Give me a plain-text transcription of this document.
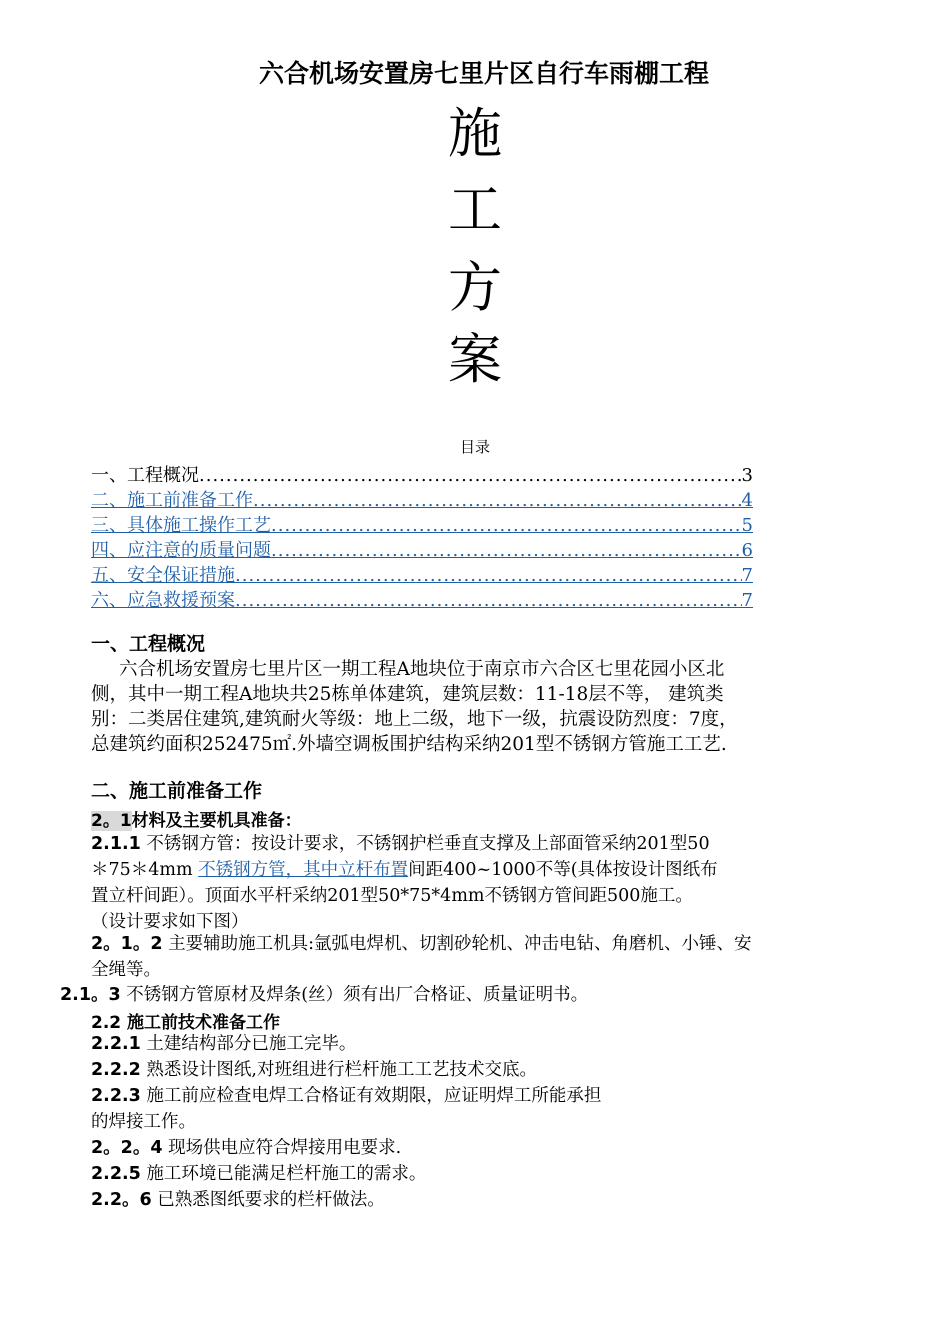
六合机场安置房七里片区自行车雨棚工程
施
工
方
案
目录
一、工程概况 .....	3
二、施工前准备工作 .....	4
三、具体施工操作工艺 .....	5
四、应注意的质量问题 .....	6
五、安全保证措施 .....	7
六、应急救援预案 .....	7
一、工程概况
六合机场安置房七里片区一期工程A地块位于南京市六合区七里花园小区北
侧，其中一期工程A地块共25栋单体建筑，建筑层数：11-18层不等， 建筑类
别：二类居住建筑,建筑耐火等级：地上二级，地下一级，抗震设防烈度：7度，
总建筑约面积252475㎡.外墙空调板围护结构采纳201型不锈钢方管施工工艺.
二、施工前准备工作
2。1材料及主要机具准备：
2.1.1 不锈钢方管：按设计要求，不锈钢护栏垂直支撑及上部面管采纳201型50
＊75＊4mm 不锈钢方管，其中立杆布置间距400~1000不等(具体按设计图纸布
置立杆间距）。顶面水平杆采纳201型50*75*4mm不锈钢方管间距500施工。
（设计要求如下图）
2。1。2 主要辅助施工机具:氩弧电焊机、切割砂轮机、冲击电钻、角磨机、小锤、安
全绳等。
2.1。3 不锈钢方管原材及焊条(丝）须有出厂合格证、质量证明书。
2.2 施工前技术准备工作
2.2.1 土建结构部分已施工完毕。
2.2.2 熟悉设计图纸,对班组进行栏杆施工工艺技术交底。
2.2.3 施工前应检查电焊工合格证有效期限，应证明焊工所能承担
的焊接工作。
2。2。4 现场供电应符合焊接用电要求.
2.2.5 施工环境已能满足栏杆施工的需求。
2.2。6 已熟悉图纸要求的栏杆做法。
